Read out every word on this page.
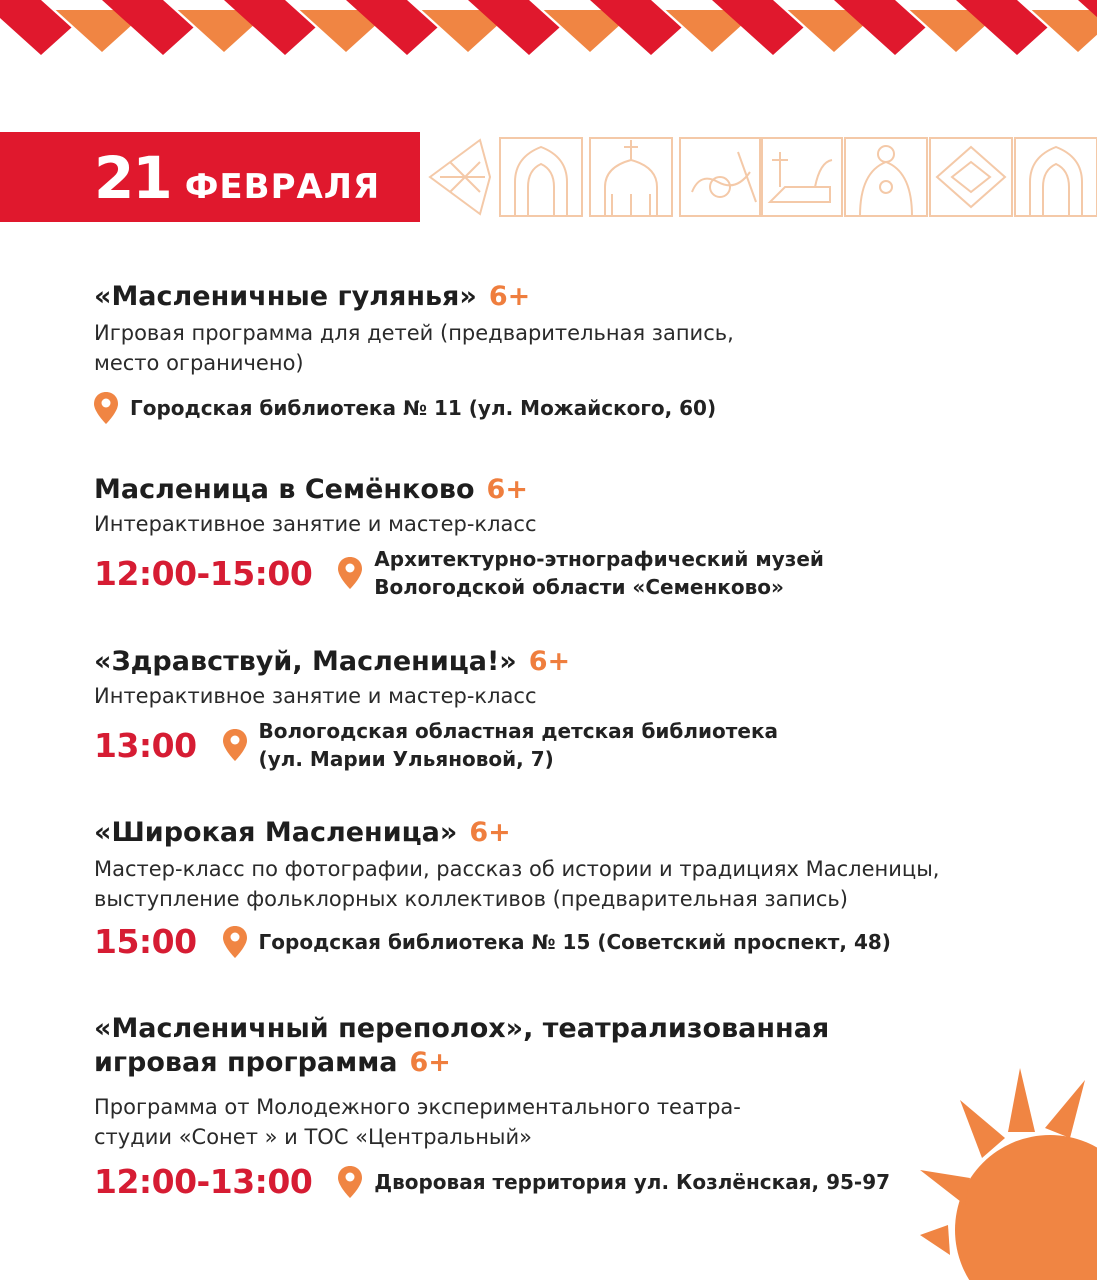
21 ФЕВРАЛЯ
«Масленичные гулянья» 6+
Игровая программа для детей (предварительная запись,
место ограничено)
Городская библиотека № 11 (ул. Можайского, 60)
Масленица в Семёнково 6+
Интерактивное занятие и мастер-класс
12:00-15:00	Архитектурно-этнографический музей
Вологодской области «Семенково»
«Здравствуй, Масленица!» 6+
Интерактивное занятие и мастер-класс
13:00	Вологодская областная детская библиотека
(ул. Марии Ульяновой, 7)
«Широкая Масленица» 6+
Мастер-класс по фотографии, рассказ об истории и традициях Масленицы,
выступление фольклорных коллективов (предварительная запись)
15:00	Городская библиотека № 15 (Советский проспект, 48)
«Масленичный переполох», театрализованная
игровая программа 6+
Программа от Молодежного экспериментального театра-
студии «Сонет » и ТОС «Центральный»
12:00-13:00	Дворовая территория ул. Козлёнская, 95-97
